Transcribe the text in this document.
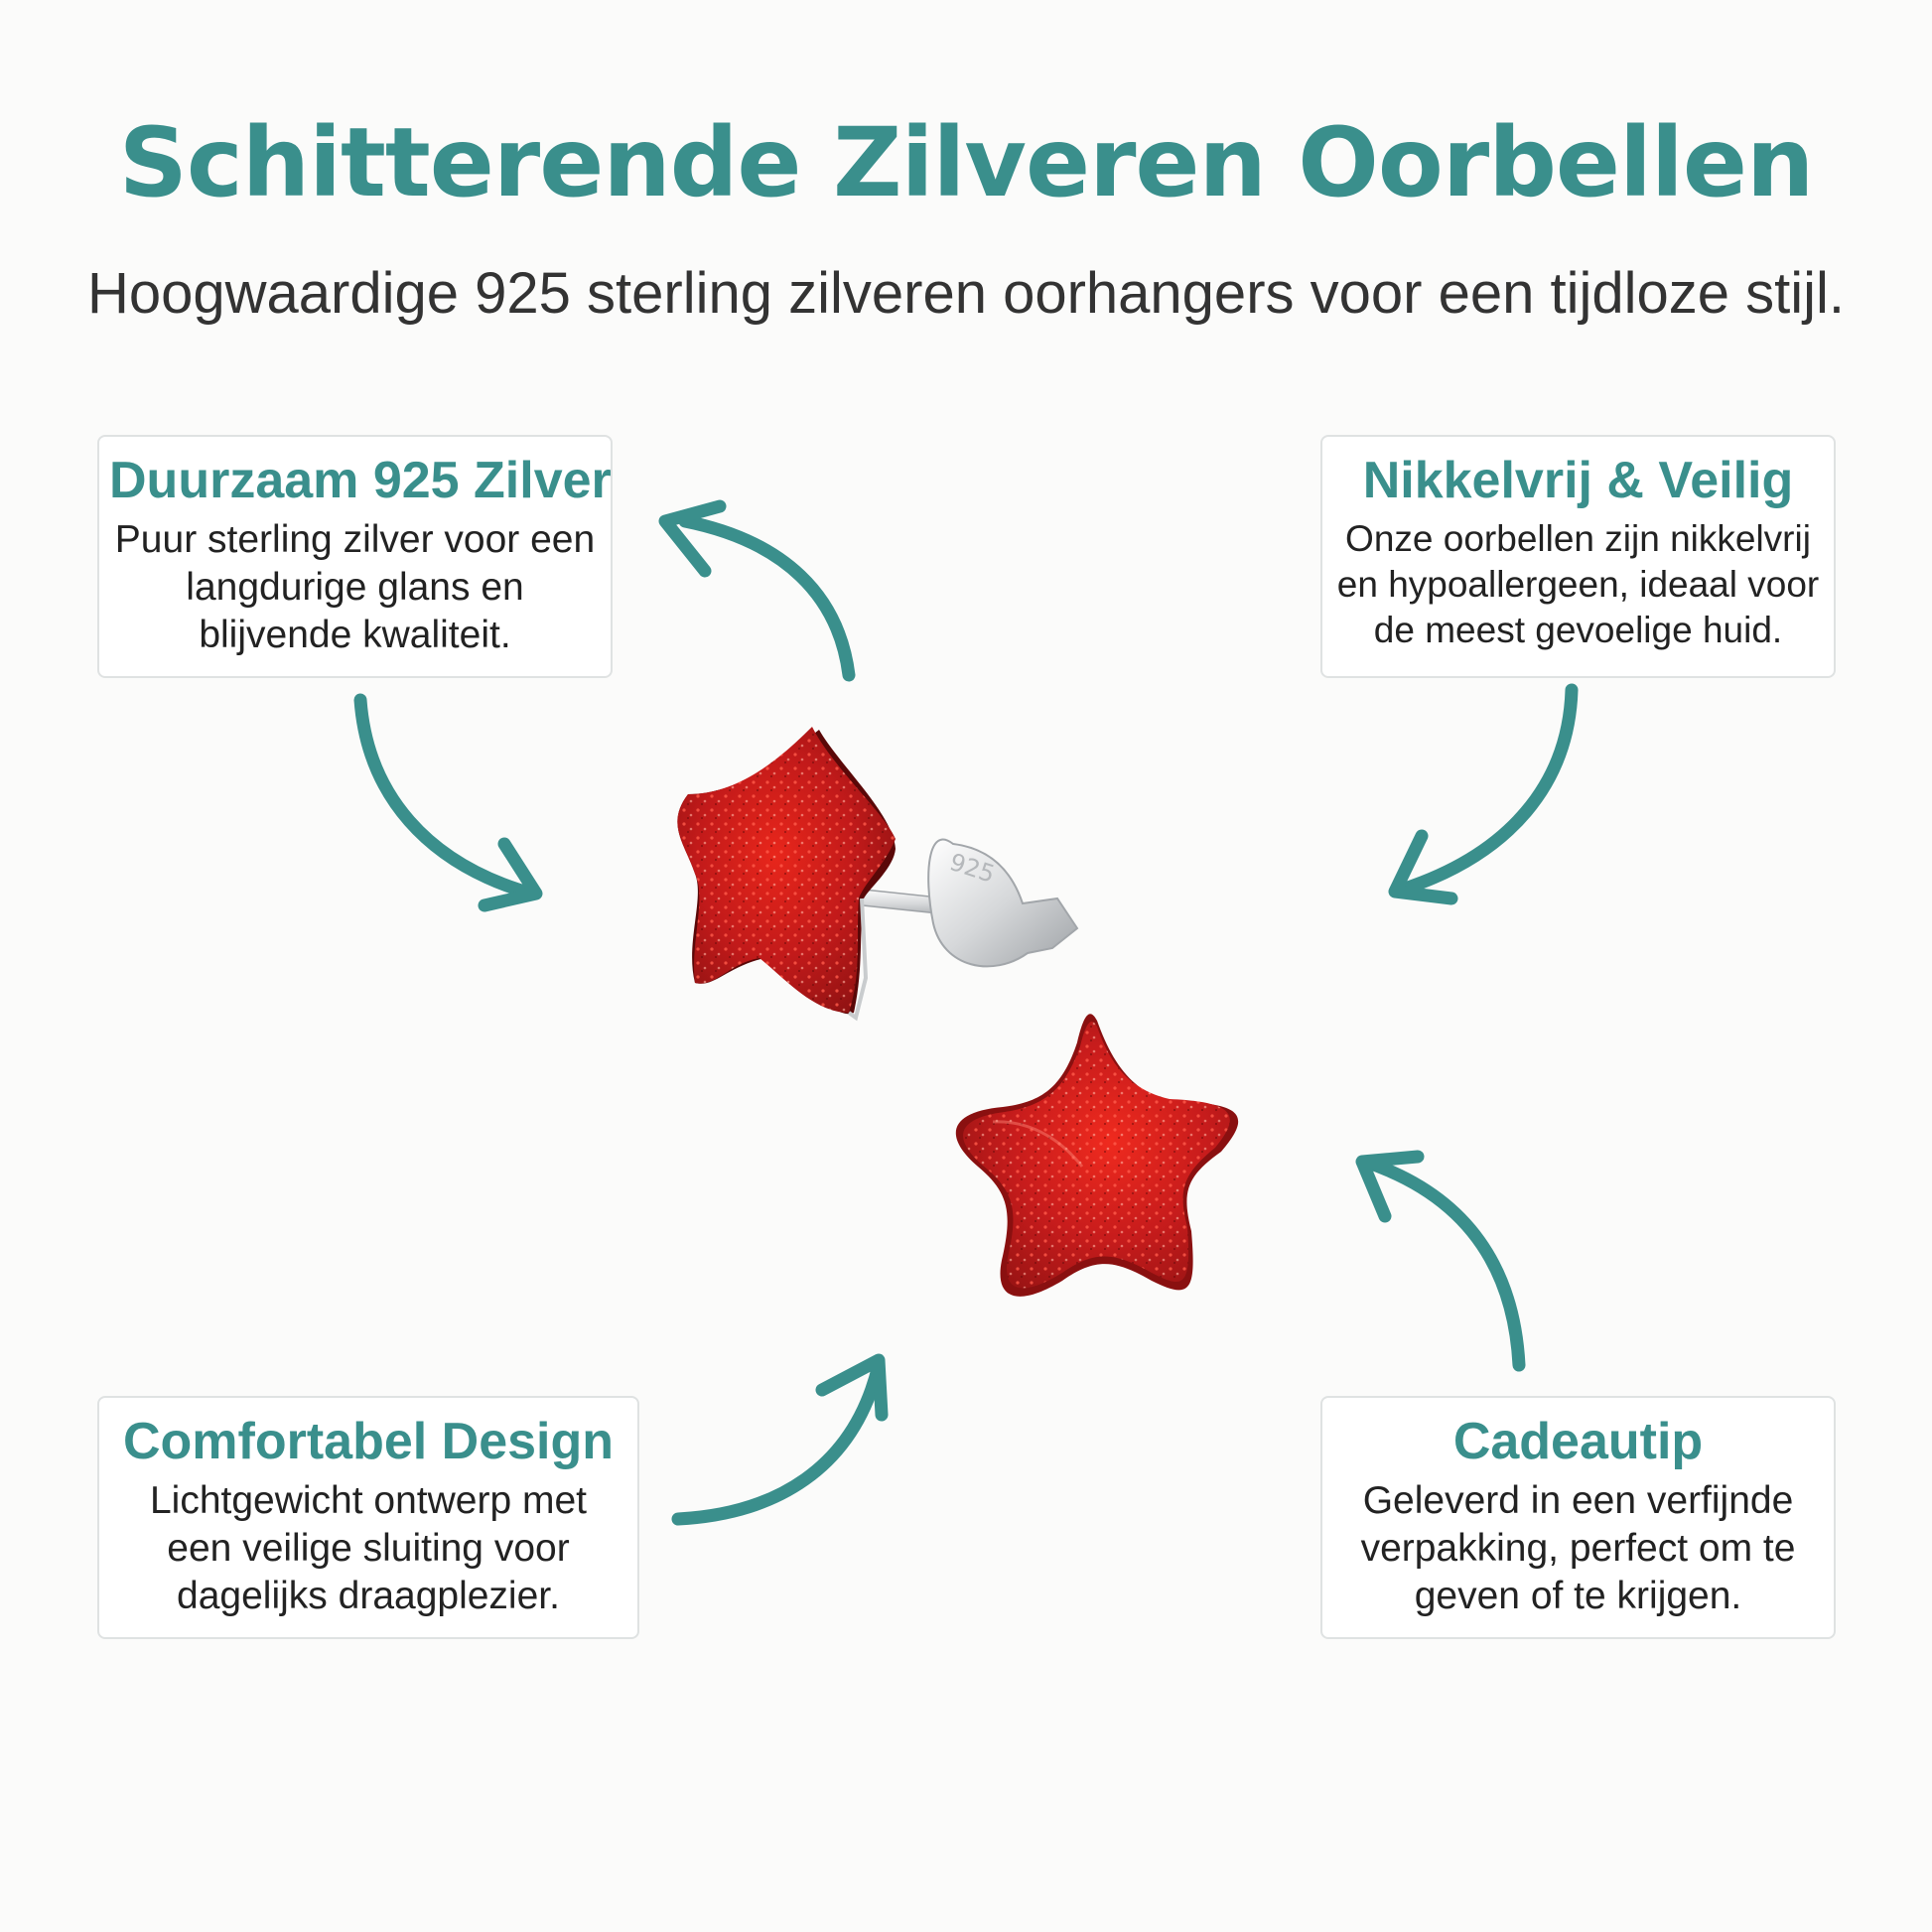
Schitterende Zilveren Oorbellen

Hoogwaardige 925 sterling zilveren oorhangers voor een tijdloze stijl.

925
Duurzaam 925 Zilver

Puur sterling zilver voor een
langdurige glans en
blijvende kwaliteit.

Nikkelvrij & Veilig

Onze oorbellen zijn nikkelvrij
en hypoallergeen, ideaal voor
de meest gevoelige huid.

Comfortabel Design

Lichtgewicht ontwerp met
een veilige sluiting voor
dagelijks draagplezier.

Cadeautip

Geleverd in een verfijnde
verpakking, perfect om te
geven of te krijgen.
